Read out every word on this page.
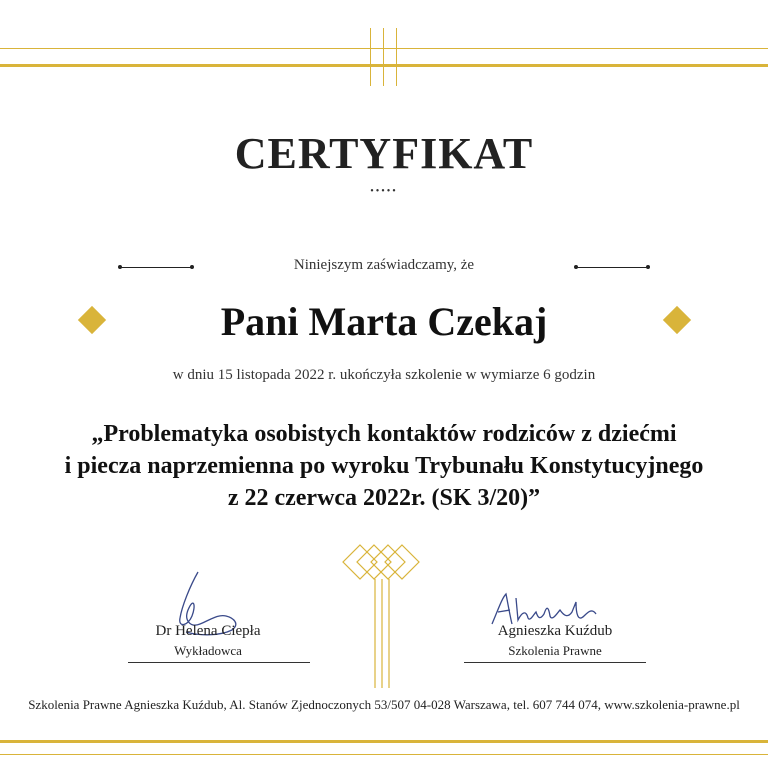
CERTYFIKAT
•••••
Niniejszym zaświadczamy, że
Pani Marta Czekaj
w dniu 15 listopada 2022 r. ukończyła szkolenie w wymiarze 6 godzin
„Problematyka osobistych kontaktów rodziców z dziećmi
i piecza naprzemienna po wyroku Trybunału Konstytucyjnego
z 22 czerwca 2022r. (SK 3/20)”
Dr Helena Ciepła
Wykładowca
Agnieszka Kuźdub
Szkolenia Prawne
Szkolenia Prawne Agnieszka Kuźdub, Al. Stanów Zjednoczonych 53/507 04-028 Warszawa, tel. 607 744 074, www.szkolenia-prawne.pl
